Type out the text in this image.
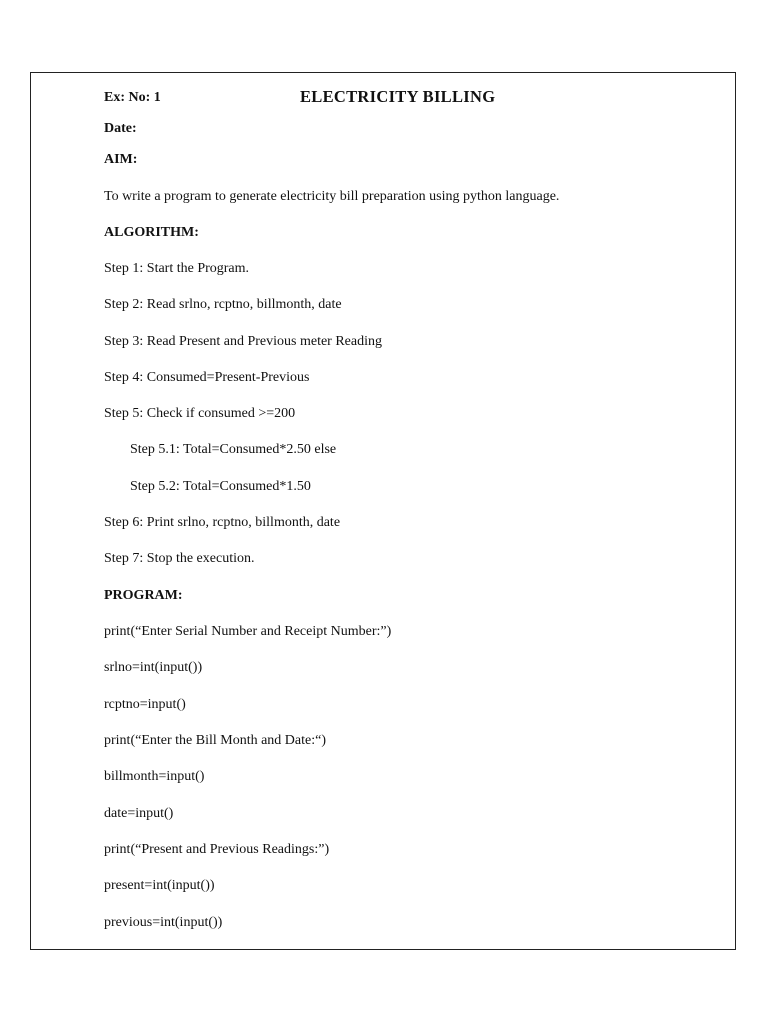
Ex: No: 1	ELECTRICITY BILLING
Date:
AIM:
To write a program to generate electricity bill preparation using python language.
ALGORITHM:
Step 1: Start the Program.
Step 2: Read srlno, rcptno, billmonth, date
Step 3: Read Present and Previous meter Reading
Step 4: Consumed=Present-Previous
Step 5: Check if consumed >=200
Step 5.1: Total=Consumed*2.50 else
Step 5.2: Total=Consumed*1.50
Step 6: Print srlno, rcptno, billmonth, date
Step 7: Stop the execution.
PROGRAM:
print(“Enter Serial Number and Receipt Number:”)
srlno=int(input())
rcptno=input()
print(“Enter the Bill Month and Date:“)
billmonth=input()
date=input()
print(“Present and Previous Readings:”)
present=int(input())
previous=int(input())
